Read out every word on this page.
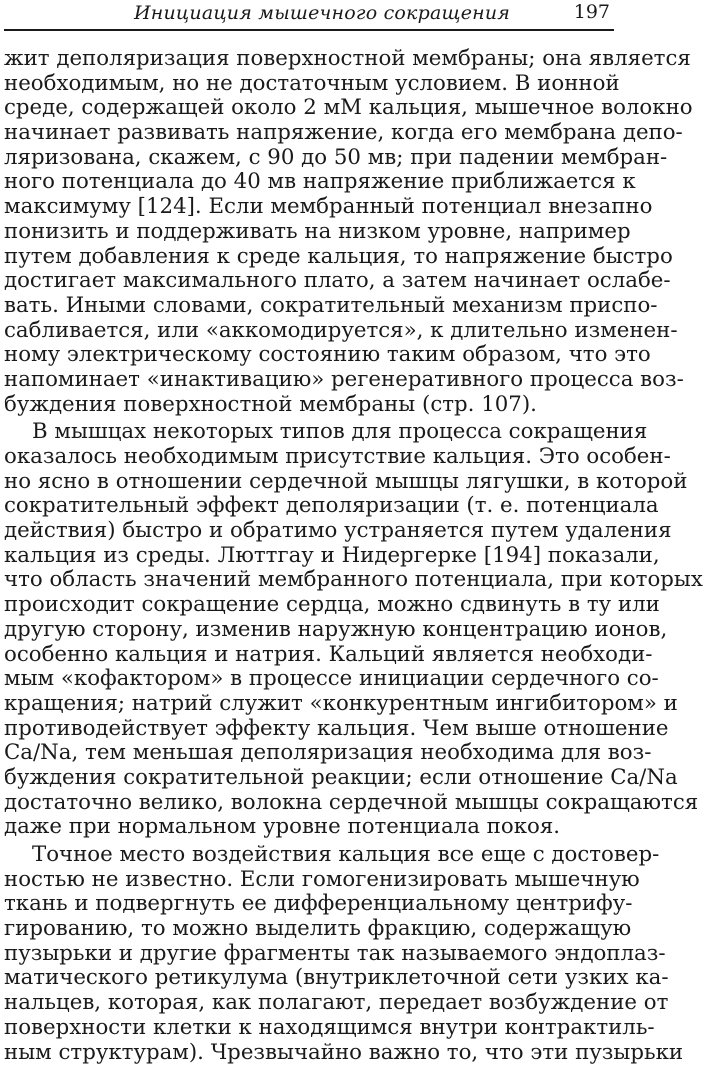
Инициация мышечного сокращения	197
жит деполяризация поверхностной мембраны; она является
необходимым, но не достаточным условием. В ионной
среде, содержащей около 2 мМ кальция, мышечное волокно
начинает развивать напряжение, когда его мембрана депо-
ляризована, скажем, с 90 до 50 мв; при падении мембран-
ного потенциала до 40 мв напряжение приближается к
максимуму [124]. Если мембранный потенциал внезапно
понизить и поддерживать на низком уровне, например
путем добавления к среде кальция, то напряжение быстро
достигает максимального плато, а затем начинает ослабе-
вать. Иными словами, сократительный механизм приспо-
сабливается, или «аккомодируется», к длительно изменен-
ному электрическому состоянию таким образом, что это
напоминает «инактивацию» регенеративного процесса воз-
буждения поверхностной мембраны (стр. 107).
В мышцах некоторых типов для процесса сокращения
оказалось необходимым присутствие кальция. Это особен-
но ясно в отношении сердечной мышцы лягушки, в которой
сократительный эффект деполяризации (т. е. потенциала
действия) быстро и обратимо устраняется путем удаления
кальция из среды. Люттгау и Нидергерке [194] показали,
что область значений мембранного потенциала, при которых
происходит сокращение сердца, можно сдвинуть в ту или
другую сторону, изменив наружную концентрацию ионов,
особенно кальция и натрия. Кальций является необходи-
мым «кофактором» в процессе инициации сердечного со-
кращения; натрий служит «конкурентным ингибитором» и
противодействует эффекту кальция. Чем выше отношение
Ca/Na, тем меньшая деполяризация необходима для воз-
буждения сократительной реакции; если отношение Ca/Na
достаточно велико, волокна сердечной мышцы сокращаются
даже при нормальном уровне потенциала покоя.
Точное место воздействия кальция все еще с достовер-
ностью не известно. Если гомогенизировать мышечную
ткань и подвергнуть ее дифференциальному центрифу-
гированию, то можно выделить фракцию, содержащую
пузырьки и другие фрагменты так называемого эндоплаз-
матического ретикулума (внутриклеточной сети узких ка-
нальцев, которая, как полагают, передает возбуждение от
поверхности клетки к находящимся внутри контрактиль-
ным структурам). Чрезвычайно важно то, что эти пузырьки
